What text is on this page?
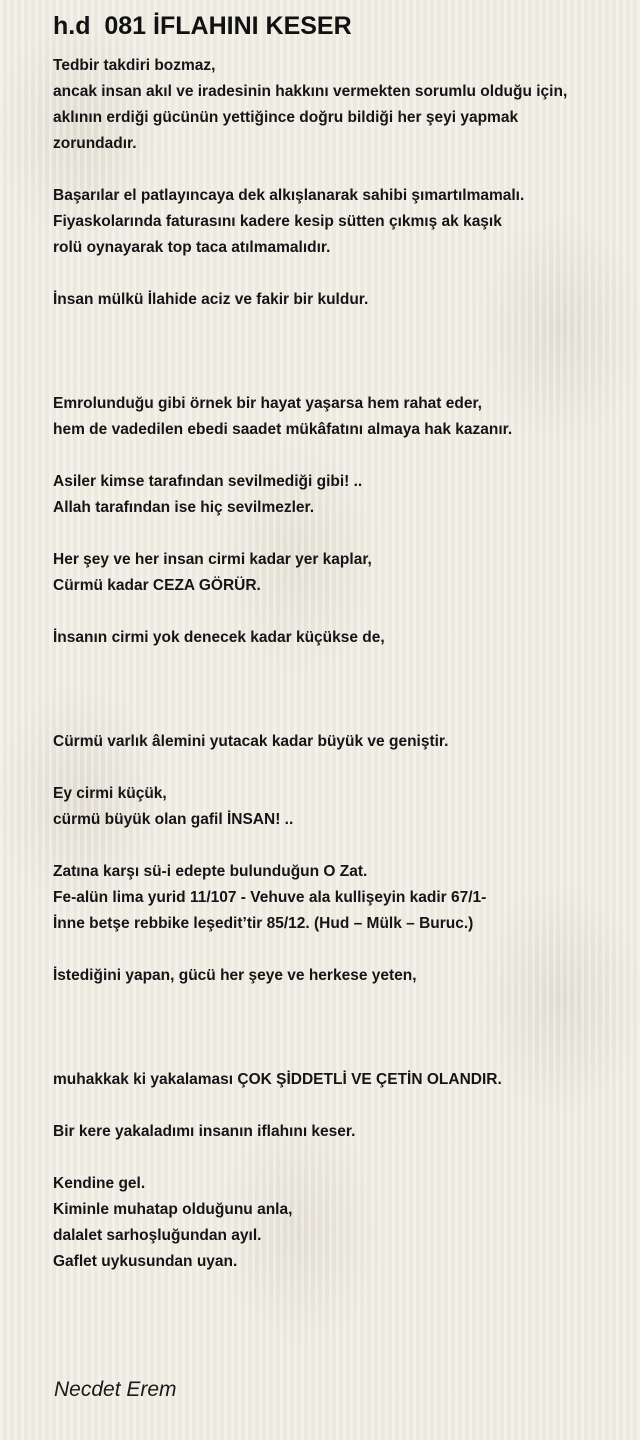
h.d  081 İFLAHINI KESER
Tedbir takdiri bozmaz,
ancak insan akıl ve iradesinin hakkını vermekten sorumlu olduğu için,
aklının erdiği gücünün yettiğince doğru bildiği her şeyi yapmak
zorundadır.
Başarılar el patlayıncaya dek alkışlanarak sahibi şımartılmamalı.
Fiyaskolarında faturasını kadere kesip sütten çıkmış ak kaşık
rolü oynayarak top taca atılmamalıdır.
İnsan mülkü İlahide aciz ve fakir bir kuldur.
Emrolunduğu gibi örnek bir hayat yaşarsa hem rahat eder,
hem de vadedilen ebedi saadet mükâfatını almaya hak kazanır.
Asiler kimse tarafından sevilmediği gibi! ..
Allah tarafından ise hiç sevilmezler.
Her şey ve her insan cirmi kadar yer kaplar,
Cürmü kadar CEZA GÖRÜR.
İnsanın cirmi yok denecek kadar küçükse de,
Cürmü varlık âlemini yutacak kadar büyük ve geniştir.
Ey cirmi küçük,
cürmü büyük olan gafil İNSAN! ..
Zatına karşı sü-i edepte bulunduğun O Zat.
Fe-alün lima yurid 11/107 - Vehuve ala kullişeyin kadir 67/1-
İnne betşe rebbike leşedit’tir 85/12. (Hud – Mülk – Buruc.)
İstediğini yapan, gücü her şeye ve herkese yeten,
muhakkak ki yakalaması ÇOK ŞİDDETLİ VE ÇETİN OLANDIR.
Bir kere yakaladımı insanın iflahını keser.
Kendine gel.
Kiminle muhatap olduğunu anla,
dalalet sarhoşluğundan ayıl.
Gaflet uykusundan uyan.
Necdet Erem
